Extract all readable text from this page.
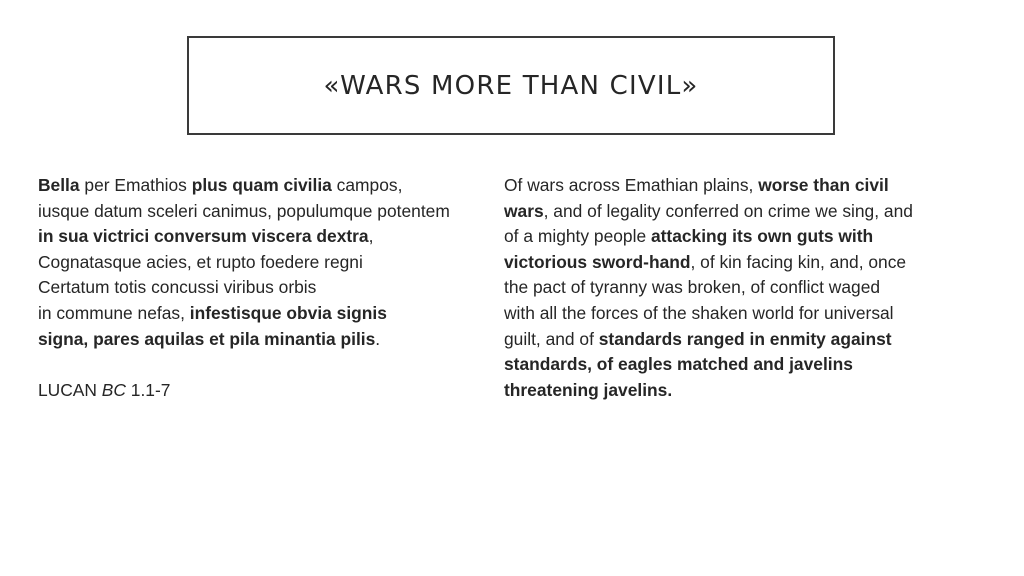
«WARS MORE THAN CIVIL»
Bella per Emathios plus quam civilia campos,
iusque datum sceleri canimus, populumque potentem
in sua victrici conversum viscera dextra,
Cognatasque acies, et rupto foedere regni
Certatum totis concussi viribus orbis
in commune nefas, infestisque obvia signis
signa, pares aquilas et pila minantia pilis.
LUCAN BC 1.1-7
Of wars across Emathian plains, worse than civil
wars, and of legality conferred on crime we sing, and
of a mighty people attacking its own guts with
victorious sword-hand, of kin facing kin, and, once
the pact of tyranny was broken, of conflict waged
with all the forces of the shaken world for universal
guilt, and of standards ranged in enmity against
standards, of eagles matched and javelins
threatening javelins.
